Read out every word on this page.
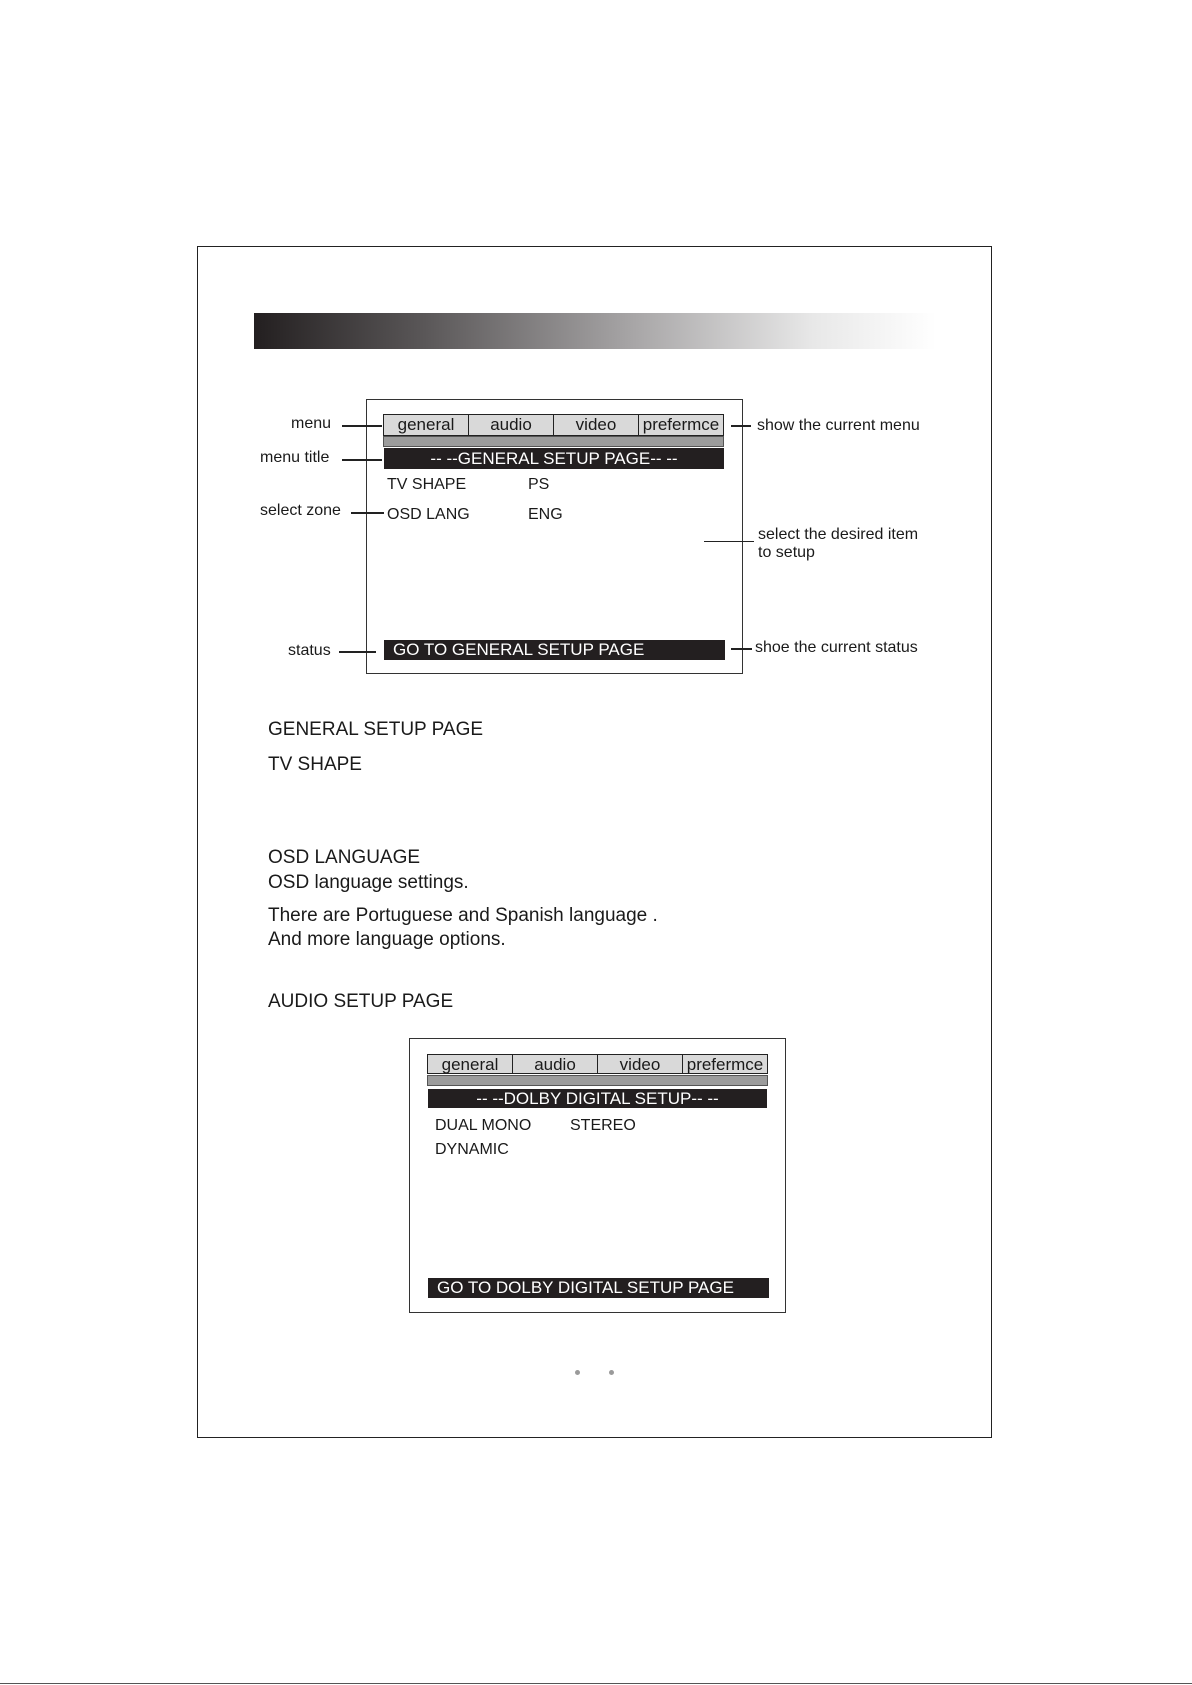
general	audio	video	prefermce
-- --GENERAL SETUP PAGE-- --
TV SHAPE	PS
OSD LANG	ENG
GO TO GENERAL SETUP PAGE
menu
menu title
select zone
status
show the current menu
select the desired item
to setup
shoe the current status
GENERAL SETUP PAGE
TV SHAPE
OSD LANGUAGE
OSD language settings.
There are Portuguese and Spanish language .
And more language options.
AUDIO SETUP PAGE
general	audio	video	prefermce
-- --DOLBY DIGITAL SETUP-- --
DUAL MONO STEREO
DYNAMIC
GO TO DOLBY DIGITAL SETUP PAGE
